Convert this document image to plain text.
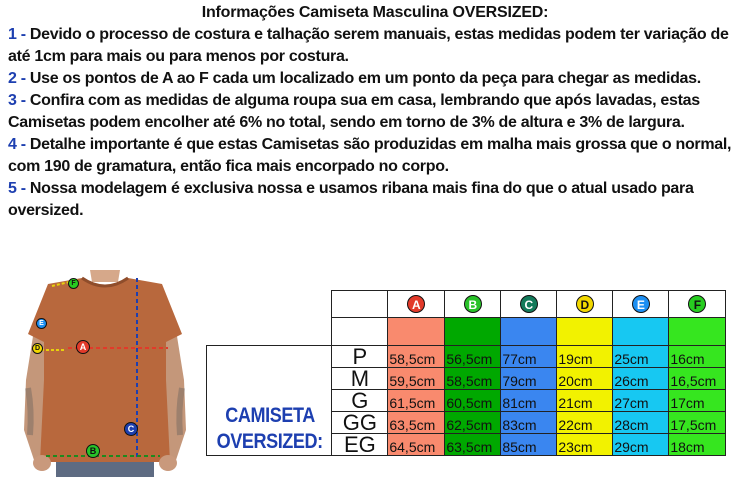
Informações Camiseta Masculina OVERSIZED:

1 - Devido o processo de costura e talhação serem manuais, estas medidas podem ter variação de até 1cm para mais ou para menos por costura.

2 - Use os pontos de A ao F cada um localizado em um ponto da peça para chegar as medidas.

3 - Confira com as medidas de alguma roupa sua em casa, lembrando que após lavadas, estas Camisetas podem encolher até 6% no total, sendo em torno de 3% de altura e 3% de largura.

4 - Detalhe importante é que estas Camisetas são produzidas em malha mais grossa que o normal, com 190 de gramatura, então fica mais encorpado no corpo.

5 - Nossa modelagem é exclusiva nossa e usamos ribana mais fina do que o atual usado para oversized.

A
B
C
D
E
F
		A	B	C	D	E	F

CAMISETA
OVERSIZED:	P	58,5cm	56,5cm	77cm	19cm	25cm	16cm
	M	59,5cm	58,5cm	79cm	20cm	26cm	16,5cm
	G	61,5cm	60,5cm	81cm	21cm	27cm	17cm
	GG	63,5cm	62,5cm	83cm	22cm	28cm	17,5cm
	EG	64,5cm	63,5cm	85cm	23cm	29cm	18cm
